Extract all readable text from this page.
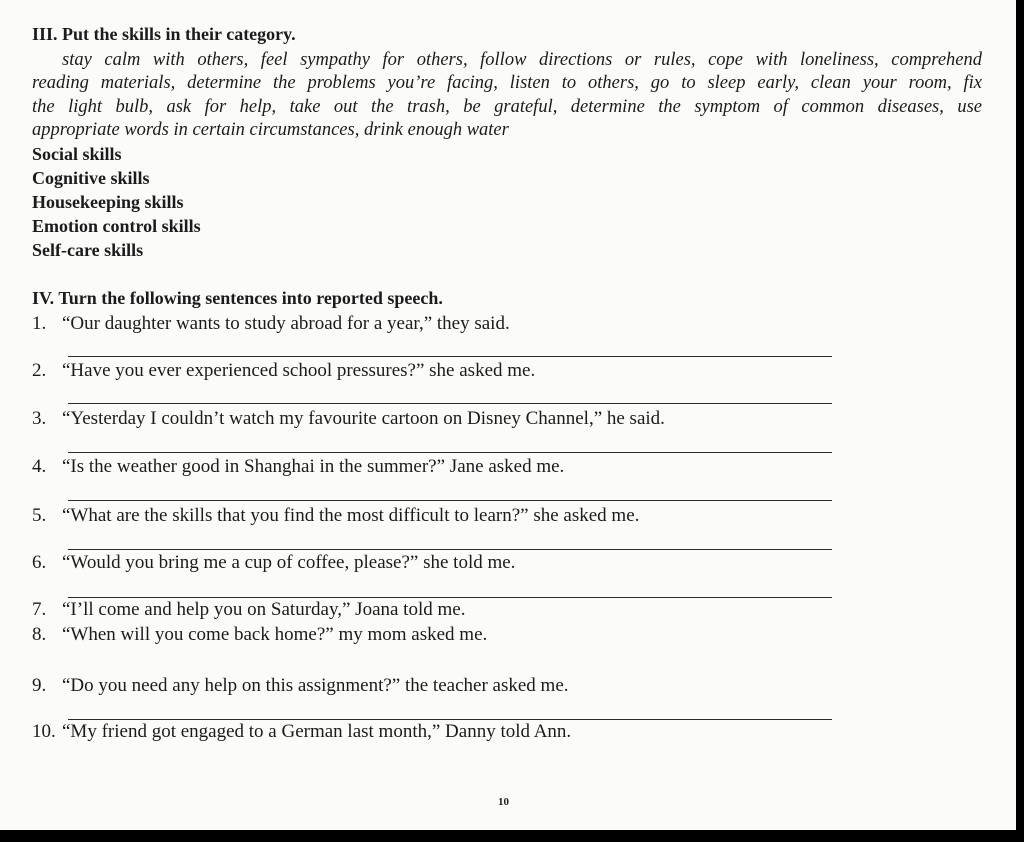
III. Put the skills in their category.
stay calm with others, feel sympathy for others, follow directions or rules, cope with loneliness, comprehend
reading materials, determine the problems you’re facing, listen to others, go to sleep early, clean your room, fix
the light bulb, ask for help, take out the trash, be grateful, determine the symptom of common diseases, use
appropriate words in certain circumstances, drink enough water
Social skills
Cognitive skills
Housekeeping skills
Emotion control skills
Self-care skills
IV. Turn the following sentences into reported speech.
1. “Our daughter wants to study abroad for a year,” they said.
2. “Have you ever experienced school pressures?” she asked me.
3. “Yesterday I couldn’t watch my favourite cartoon on Disney Channel,” he said.
4. “Is the weather good in Shanghai in the summer?” Jane asked me.
5. “What are the skills that you find the most difficult to learn?” she asked me.
6. “Would you bring me a cup of coffee, please?” she told me.
7. “I’ll come and help you on Saturday,” Joana told me.
8. “When will you come back home?” my mom asked me.
9. “Do you need any help on this assignment?” the teacher asked me.
10. “My friend got engaged to a German last month,” Danny told Ann.
10
